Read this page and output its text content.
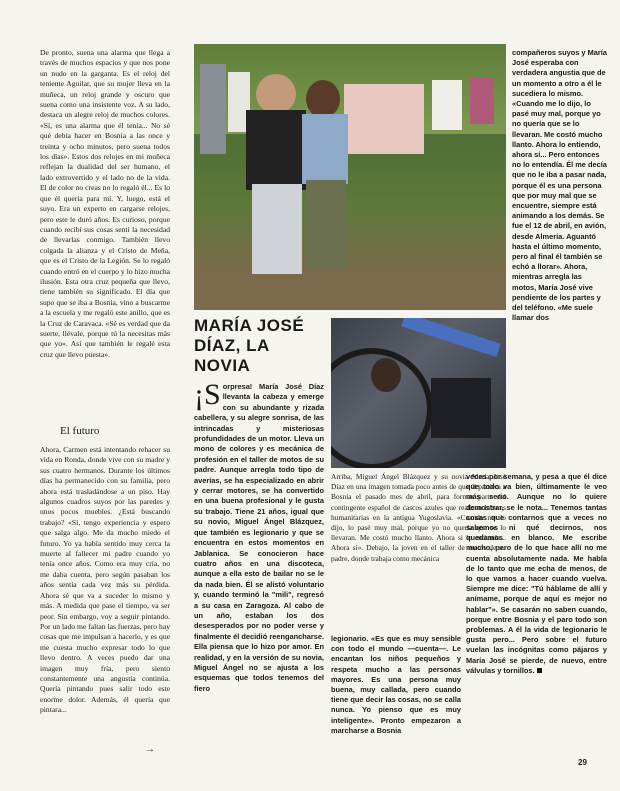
De pronto, suena una alarma que llega a través de muchos espacios y que nos pone un nudo en la garganta. Es el reloj del teniente Aguilar, que su mujer lleva en la muñeca, un reloj grande y oscuro que suena como una insistente voz. A su lado, destaca un alegre reloj de muchos colores. «Sí, es una alarma que él tenía... No sé qué debía hacer en Bosnia a las once y treinta y ocho minutos, pero suena todos los días». Estos dos relojes en mi muñeca reflejan la dualidad del ser humano, el lado extrovertido y el lado no de la vida. El de color no creas no lo regaló él... Es lo que él quería para mí. Y, luego, está el suyo. Era un experto en cargarse relojes, pero este le duró años. Es curioso, porque cuando recibí sus cosas sentí la necesidad de llevarlas conmigo. También llevo colgada la alianza y el Cristo de Meña, que es el Cristo de la Legión. Se lo regaló cuando entró en el cuerpo y lo hizo mucha ilusión. Esta otra cruz pequeña que llevo, tiene también su significado. El día que supo que se iba a Bosnia, vino a buscarme a la escuela y me regaló este anillo, que es la Cruz de Caravaca. «Sé es verdad que da suerte, llévale, porque tú la necesitas más que yo». Así que también le regalé esta cruz que llevo puesta».

El futuro

Ahora, Carmen está intentando rehacer su vida en Ronda, donde vive con su madre y sus cuatro hermanos. Durante los últimos días ha permanecido con su familia, pero ahora está trasladándose a un piso. Hay algunos cuadros suyos por las paredes y unos pocos muebles. ¿Está buscando trabajo? «Sí, tengo experiencia y espero que salga algo. Me da mucho miedo el futuro. Yo ya había sentido muy cerca la muerte al fallecer mi padre cuando yo tenía once años. Como era muy cría, no me daba cuenta, pero según pasaban los años sentía cada vez más su pérdida. Ahora sé que va a suceder lo mismo y más. A medida que pase el tiempo, va ser peor. Sin embargo, voy a seguir pintando. Por un lado me faltan las fuerzas, pero hay cosas que me impulsan a hacerlo, y es que me cuesta mucho expresar todo lo que llevo dentro. A veces puedo dar una imagen muy fría, pero siento constantemente una angustia continúa. Quería pintando pues salir todo este enorme dolor. Además, él quería que pintara...

→
MARÍA JOSÉ DÍAZ, LA NOVIA
¡S orpresa! María José Díaz llevanta la cabeza y emerge con su abundante y rizada cabellera, y su alegre sonrisa, de las intrincadas y misteriosas profundidades de un motor. Lleva un mono de colores y es mecánica de profesión en el taller de motos de su padre. Aunque arregla todo tipo de averías, se ha especializado en abrir y cerrar motores, se ha convertido en una buena profesional y le gusta su trabajo. Tiene 21 años, igual que su novio, Miguel Ángel Blázquez, que también es legionario y que se encuentra en estos momentos en Jablanica. Se conocieron hace cuatro años en una discoteca, aunque a ella esto de bailar no se le da nada bien. Él se alistó voluntario y, cuando terminó la "mili", regresó a su casa en Zaragoza. Al cabo de un año, estaban los dos desesperados por no poder verse y finalmente él decidió reengancharse. Ella piensa que lo hizo por amor. En realidad, y en la versión de su novia, Miguel Ángel no se ajusta a los esquemas que todos tenemos del fiero
Arriba, Miguel Ángel Blázquez y su novia María José Díaz en una imagen tomada poco antes de que él partiera a Bosnia el pasado mes de abril, para formar parte del contingente español de cascos azules que realizan labores humanitarias en la antigua Yugoslavia. «Cuando me lo dijo, lo pasé muy mal, porque yo no quería que se lo llevaran. Me costó mucho llanto. Ahora si lo entiendo... Ahora sí». Debajo, la joven en el taller de motos de su padre, donde trabaja como mecánica
legionario. «Es que es muy sensible con todo el mundo —cuenta—. Le encantan los niños pequeños y respeta mucho a las personas mayores. Es una persona muy buena, muy callada, pero cuando tiene que decir las cosas, no se calla nunca. Yo pienso que es muy inteligente». Pronto empezaron a marcharse a Bosnia
compañeros suyos y María José esperaba con verdadera angustia que de un momento a otro a él le sucediera lo mismo. «Cuando me lo dijo, lo pasé muy mal, porque yo no quería que se lo llevaran. Me costó mucho llanto. Ahora lo entiendo, ahora sí... Pero entonces no lo entendía. Él me decía que no le iba a pasar nada, porque él es una persona que por muy mal que se encuentre, siempre está animando a los demás. Se fue el 12 de abril, en avión, desde Almería. Aguantó hasta el último momento, pero al final él también se echó a llorar». Ahora, mientras arregla las motos, María José vive pendiente de los partes y del teléfono. «Me suele llamar dos
veces por semana, y pesa a que él dice que todo va bien, últimamente le veo más serio. Aunque no lo quiere demostrar, se le nota... Tenemos tantas cosas que contarnos que a veces no sabemos ni qué decirnos, nos quedamos en blanco. Me escribe mucho, pero de lo que hace allí no me cuenta absolutamente nada. Me habla de lo tanto que me echa de menos, de lo que vamos a hacer cuando vuelva. Siempre me dice: "Tú háblame de allí y anímame, porque de aquí es mejor no hablar"». Se casarán no saben cuando, porque entre Bosnia y el paro todo son problemas. A él la vida de legionario le gusta pero... Pero sobre el futuro vuelan las incógnitas como pájaros y María José se pierde, de nuevo, entre válvulas y tornillos.
29
